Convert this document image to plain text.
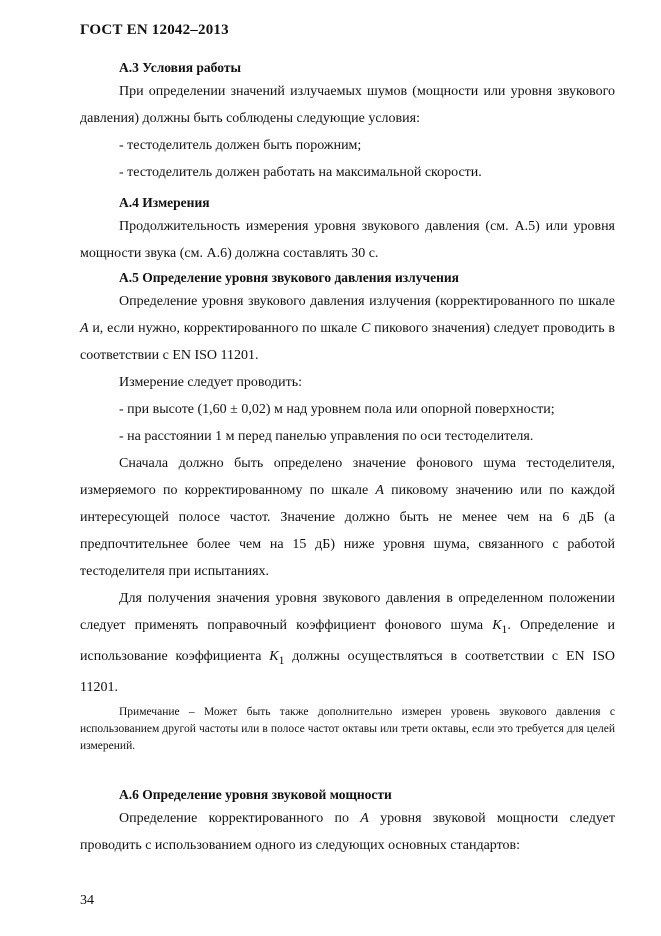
ГОСТ EN 12042–2013
А.3 Условия работы

При определении значений излучаемых шумов (мощности или уровня звукового давления) должны быть соблюдены следующие условия:

- тестоделитель должен быть порожним;
- тестоделитель должен работать на максимальной скорости.
А.4 Измерения

Продолжительность измерения уровня звукового давления (см. А.5) или уровня мощности звука (см. А.6) должна составлять 30 с.

А.5 Определение уровня звукового давления излучения

Определение уровня звукового давления излучения (корректированного по шкале A и, если нужно, корректированного по шкале C пикового значения) следует проводить в соответствии с EN ISO 11201.

Измерение следует проводить:
- при высоте (1,60 ± 0,02) м над уровнем пола или опорной поверхности;
- на расстоянии 1 м перед панелью управления по оси тестоделителя.

Сначала должно быть определено значение фонового шума тестоделителя, измеряемого по корректированному по шкале A пиковому значению или по каждой интересующей полосе частот. Значение должно быть не менее чем на 6 дБ (а предпочтительнее более чем на 15 дБ) ниже уровня шума, связанного с работой тестоделителя при испытаниях.

Для получения значения уровня звукового давления в определенном положении следует применять поправочный коэффициент фонового шума $K_1$. Определение и использование коэффициента $K_1$ должны осуществляться в соответствии с EN ISO 11201.

Примечание – Может быть также дополнительно измерен уровень звукового давления с использованием другой частоты или в полосе частот октавы или трети октавы, если это требуется для целей измерений.
А.6 Определение уровня звуковой мощности

Определение корректированного по A уровня звуковой мощности следует проводить с использованием одного из следующих основных стандартов:

34
